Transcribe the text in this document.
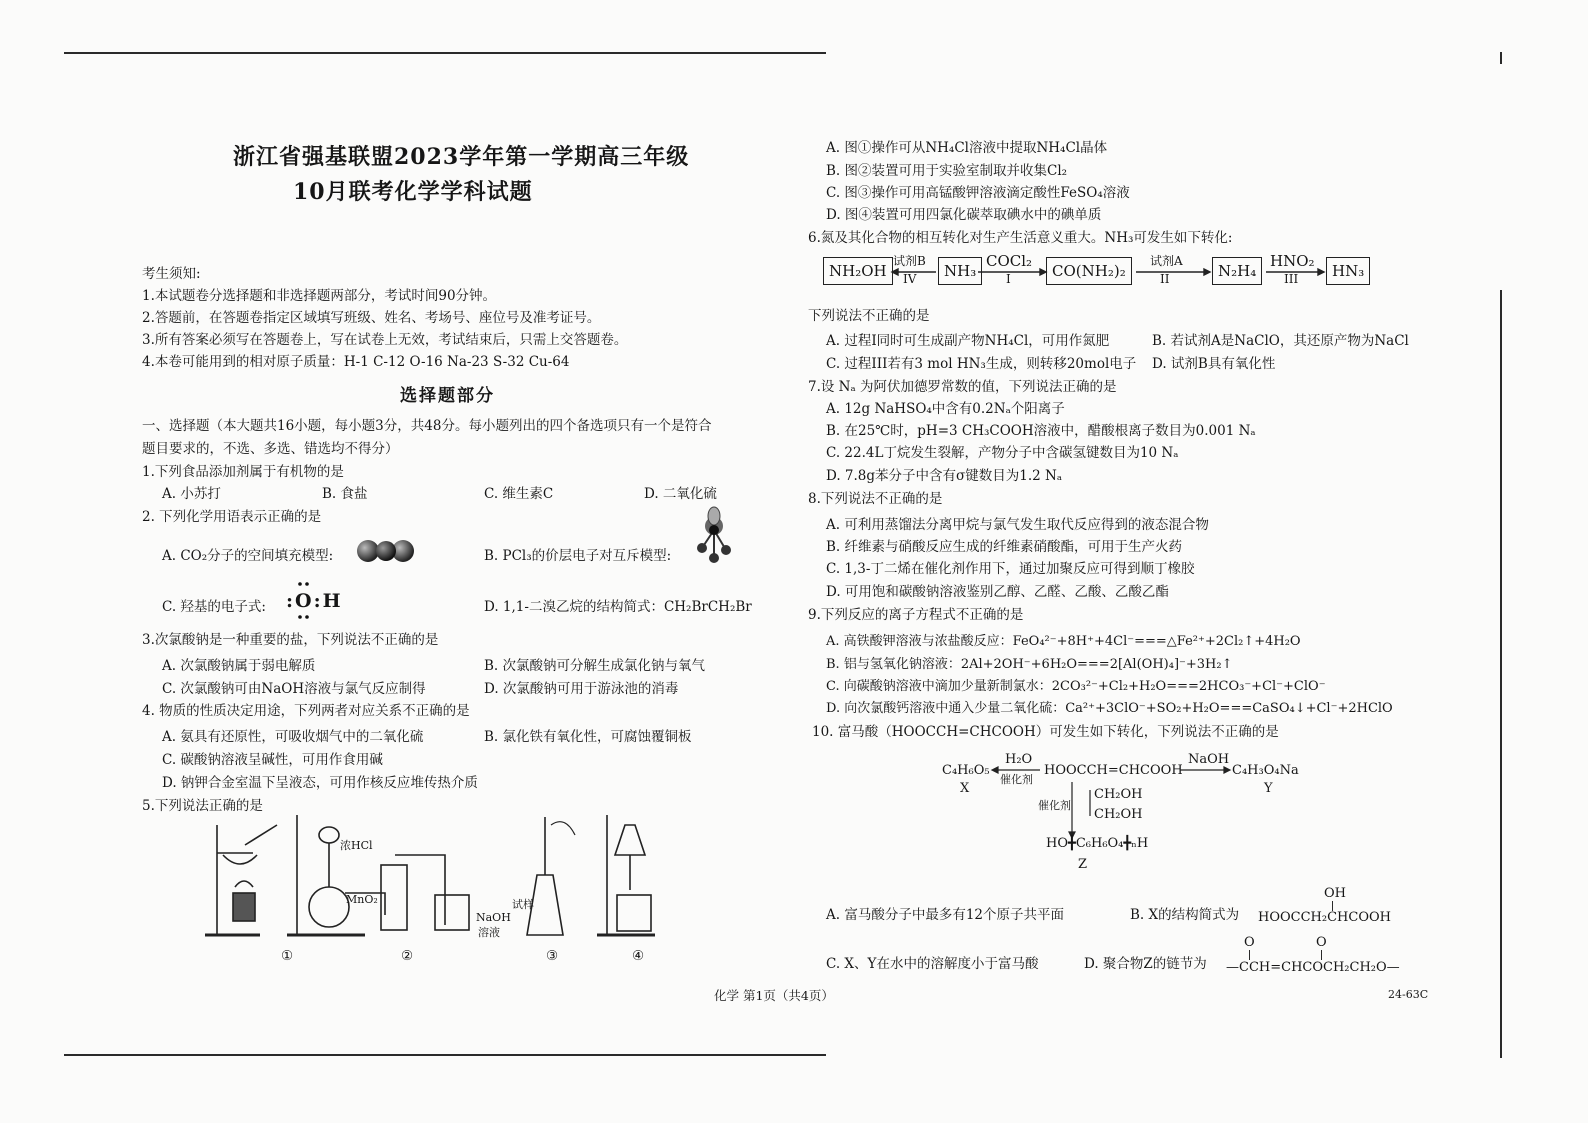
浙江省强基联盟2023学年第一学期高三年级
10月联考化学学科试题
考生须知:
1.本试题卷分选择题和非选择题两部分，考试时间90分钟。
2.答题前，在答题卷指定区域填写班级、姓名、考场号、座位号及准考证号。
3.所有答案必须写在答题卷上，写在试卷上无效，考试结束后，只需上交答题卷。
4.本卷可能用到的相对原子质量：H-1 C-12 O-16 Na-23 S-32 Cu-64
选择题部分
一、选择题（本大题共16小题，每小题3分，共48分。每小题列出的四个备选项只有一个是符合
题目要求的，不选、多选、错选均不得分）
1.下列食品添加剂属于有机物的是
A. 小苏打	B. 食盐	C. 维生素C	D. 二氧化硫
2. 下列化学用语表示正确的是
A. CO₂分子的空间填充模型:	B. PCl₃的价层电子对互斥模型:
C. 羟基的电子式: :O:H	D. 1,1-二溴乙烷的结构简式：CH₂BrCH₂Br
3.次氯酸钠是一种重要的盐，下列说法不正确的是
A. 次氯酸钠属于弱电解质	B. 次氯酸钠可分解生成氯化钠与氧气
C. 次氯酸钠可由NaOH溶液与氯气反应制得	D. 次氯酸钠可用于游泳池的消毒
4. 物质的性质决定用途，下列两者对应关系不正确的是
A. 氨具有还原性，可吸收烟气中的二氧化硫	B. 氯化铁有氧化性，可腐蚀覆铜板
C. 碳酸钠溶液呈碱性，可用作食用碱
D. 钠钾合金室温下呈液态，可用作核反应堆传热介质
5.下列说法正确的是
浓HCl
MnO₂
NaOH
溶液
试样
①	②	③	④
A. 图①操作可从NH₄Cl溶液中提取NH₄Cl晶体
B. 图②装置可用于实验室制取并收集Cl₂
C. 图③操作可用高锰酸钾溶液滴定酸性FeSO₄溶液
D. 图④装置可用四氯化碳萃取碘水中的碘单质
6.氮及其化合物的相互转化对生产生活意义重大。NH₃可发生如下转化:
NH₂OH	NH₃	CO(NH₂)₂	N₂H₄	HN₃
试剂B
IV
COCl₂
I
试剂A
II
HNO₂
III
下列说法不正确的是
A. 过程I同时可生成副产物NH₄Cl，可用作氮肥	B. 若试剂A是NaClO，其还原产物为NaCl
C. 过程III若有3 mol HN₃生成，则转移20mol电子 D. 试剂B具有氧化性
7.设 Nₐ 为阿伏加德罗常数的值，下列说法正确的是
A. 12g NaHSO₄中含有0.2Nₐ个阳离子
B. 在25℃时，pH=3 CH₃COOH溶液中，醋酸根离子数目为0.001 Nₐ
C. 22.4L丁烷发生裂解，产物分子中含碳氢键数目为10 Nₐ
D. 7.8g苯分子中含有σ键数目为1.2 Nₐ
8.下列说法不正确的是
A. 可利用蒸馏法分离甲烷与氯气发生取代反应得到的液态混合物
B. 纤维素与硝酸反应生成的纤维素硝酸酯，可用于生产火药
C. 1,3-丁二烯在催化剂作用下，通过加聚反应可得到顺丁橡胶
D. 可用饱和碳酸钠溶液鉴别乙醇、乙醛、乙酸、乙酸乙酯
9.下列反应的离子方程式不正确的是
A. 高铁酸钾溶液与浓盐酸反应：FeO₄²⁻+8H⁺+4Cl⁻===△Fe²⁺+2Cl₂↑+4H₂O
B. 铝与氢氧化钠溶液：2Al+2OH⁻+6H₂O===2[Al(OH)₄]⁻+3H₂↑
C. 向碳酸钠溶液中滴加少量新制氯水：2CO₃²⁻+Cl₂+H₂O===2HCO₃⁻+Cl⁻+ClO⁻
D. 向次氯酸钙溶液中通入少量二氧化硫：Ca²⁺+3ClO⁻+SO₂+H₂O===CaSO₄↓+Cl⁻+2HClO
10. 富马酸（HOOCCH=CHCOOH）可发生如下转化，下列说法不正确的是
C₄H₆O₅
X
H₂O
催化剂
HOOCCH=CHCOOH
NaOH
C₄H₃O₄Na
Y
催化剂
CH₂OH
CH₂OH
HO╋C₆H₆O₄╋ₙH
Z
A. 富马酸分子中最多有12个原子共平面	B. X的结构简式为
OH
HOOCCH₂CHCOOH
C. X、Y在水中的溶解度小于富马酸	D. 聚合物Z的链节为
O	O
—CCH=CHCOCH₂CH₂O—
化学 第1页（共4页）	24-63C
